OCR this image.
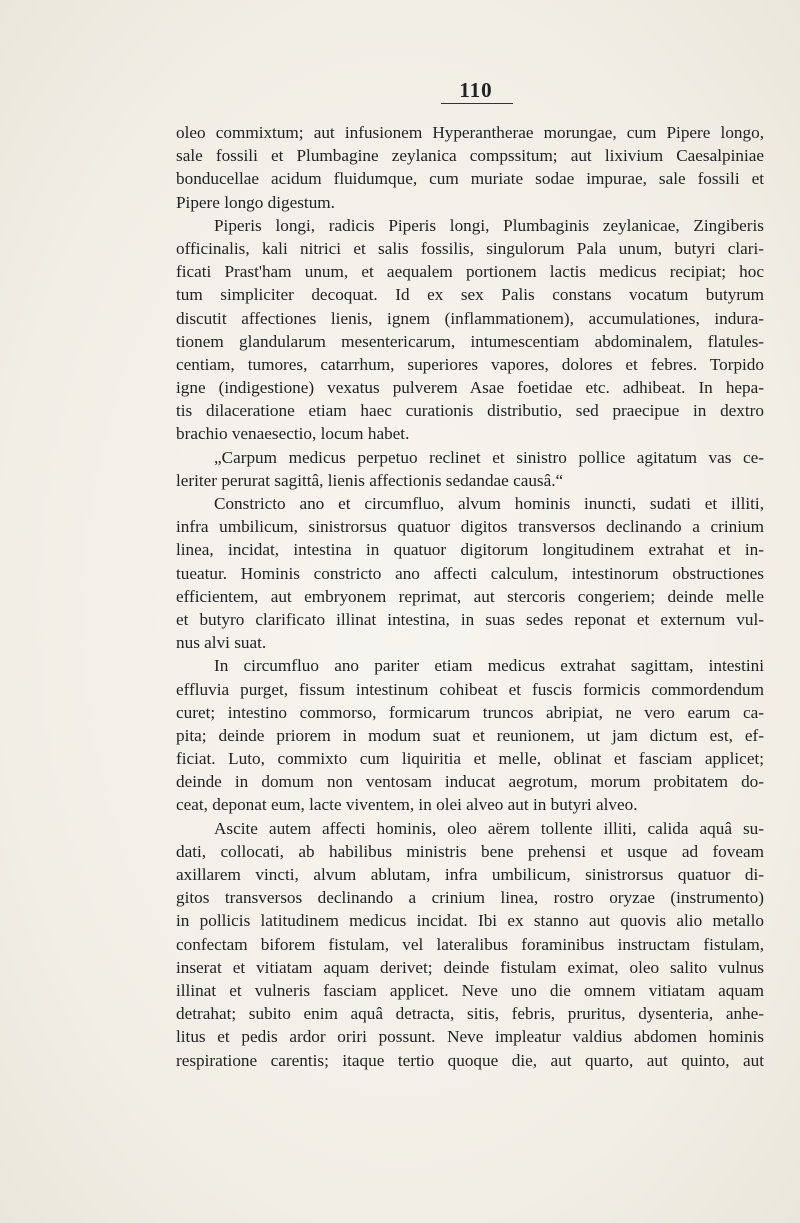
110
oleo commixtum; aut infusionem Hyperantherae morungae, cum Pipere longo,
sale fossili et Plumbagine zeylanica compssitum; aut lixivium Caesalpiniae
bonducellae acidum fluidumque, cum muriate sodae impurae, sale fossili et
Pipere longo digestum.
Piperis longi, radicis Piperis longi, Plumbaginis zeylanicae, Zingiberis
officinalis, kali nitrici et salis fossilis, singulorum Pala unum, butyri clari-
ficati Prast'ham unum, et aequalem portionem lactis medicus recipiat; hoc
tum simpliciter decoquat. Id ex sex Palis constans vocatum butyrum
discutit affectiones lienis, ignem (inflammationem), accumulationes, indura-
tionem glandularum mesentericarum, intumescentiam abdominalem, flatules-
centiam, tumores, catarrhum, superiores vapores, dolores et febres. Torpido
igne (indigestione) vexatus pulverem Asae foetidae etc. adhibeat. In hepa-
tis dilaceratione etiam haec curationis distributio, sed praecipue in dextro
brachio venaesectio, locum habet.
„Carpum medicus perpetuo reclinet et sinistro pollice agitatum vas ce-
leriter perurat sagittâ, lienis affectionis sedandae causâ.“
Constricto ano et circumfluo, alvum hominis inuncti, sudati et illiti,
infra umbilicum, sinistrorsus quatuor digitos transversos declinando a crinium
linea, incidat, intestina in quatuor digitorum longitudinem extrahat et in-
tueatur. Hominis constricto ano affecti calculum, intestinorum obstructiones
efficientem, aut embryonem reprimat, aut stercoris congeriem; deinde melle
et butyro clarificato illinat intestina, in suas sedes reponat et externum vul-
nus alvi suat.
In circumfluo ano pariter etiam medicus extrahat sagittam, intestini
effluvia purget, fissum intestinum cohibeat et fuscis formicis commordendum
curet; intestino commorso, formicarum truncos abripiat, ne vero earum ca-
pita; deinde priorem in modum suat et reunionem, ut jam dictum est, ef-
ficiat. Luto, commixto cum liquiritia et melle, oblinat et fasciam applicet;
deinde in domum non ventosam inducat aegrotum, morum probitatem do-
ceat, deponat eum, lacte viventem, in olei alveo aut in butyri alveo.
Ascite autem affecti hominis, oleo aërem tollente illiti, calida aquâ su-
dati, collocati, ab habilibus ministris bene prehensi et usque ad foveam
axillarem vincti, alvum ablutam, infra umbilicum, sinistrorsus quatuor di-
gitos transversos declinando a crinium linea, rostro oryzae (instrumento)
in pollicis latitudinem medicus incidat. Ibi ex stanno aut quovis alio metallo
confectam biforem fistulam, vel lateralibus foraminibus instructam fistulam,
inserat et vitiatam aquam derivet; deinde fistulam eximat, oleo salito vulnus
illinat et vulneris fasciam applicet. Neve uno die omnem vitiatam aquam
detrahat; subito enim aquâ detracta, sitis, febris, pruritus, dysenteria, anhe-
litus et pedis ardor oriri possunt. Neve impleatur valdius abdomen hominis
respiratione carentis; itaque tertio quoque die, aut quarto, aut quinto, aut
